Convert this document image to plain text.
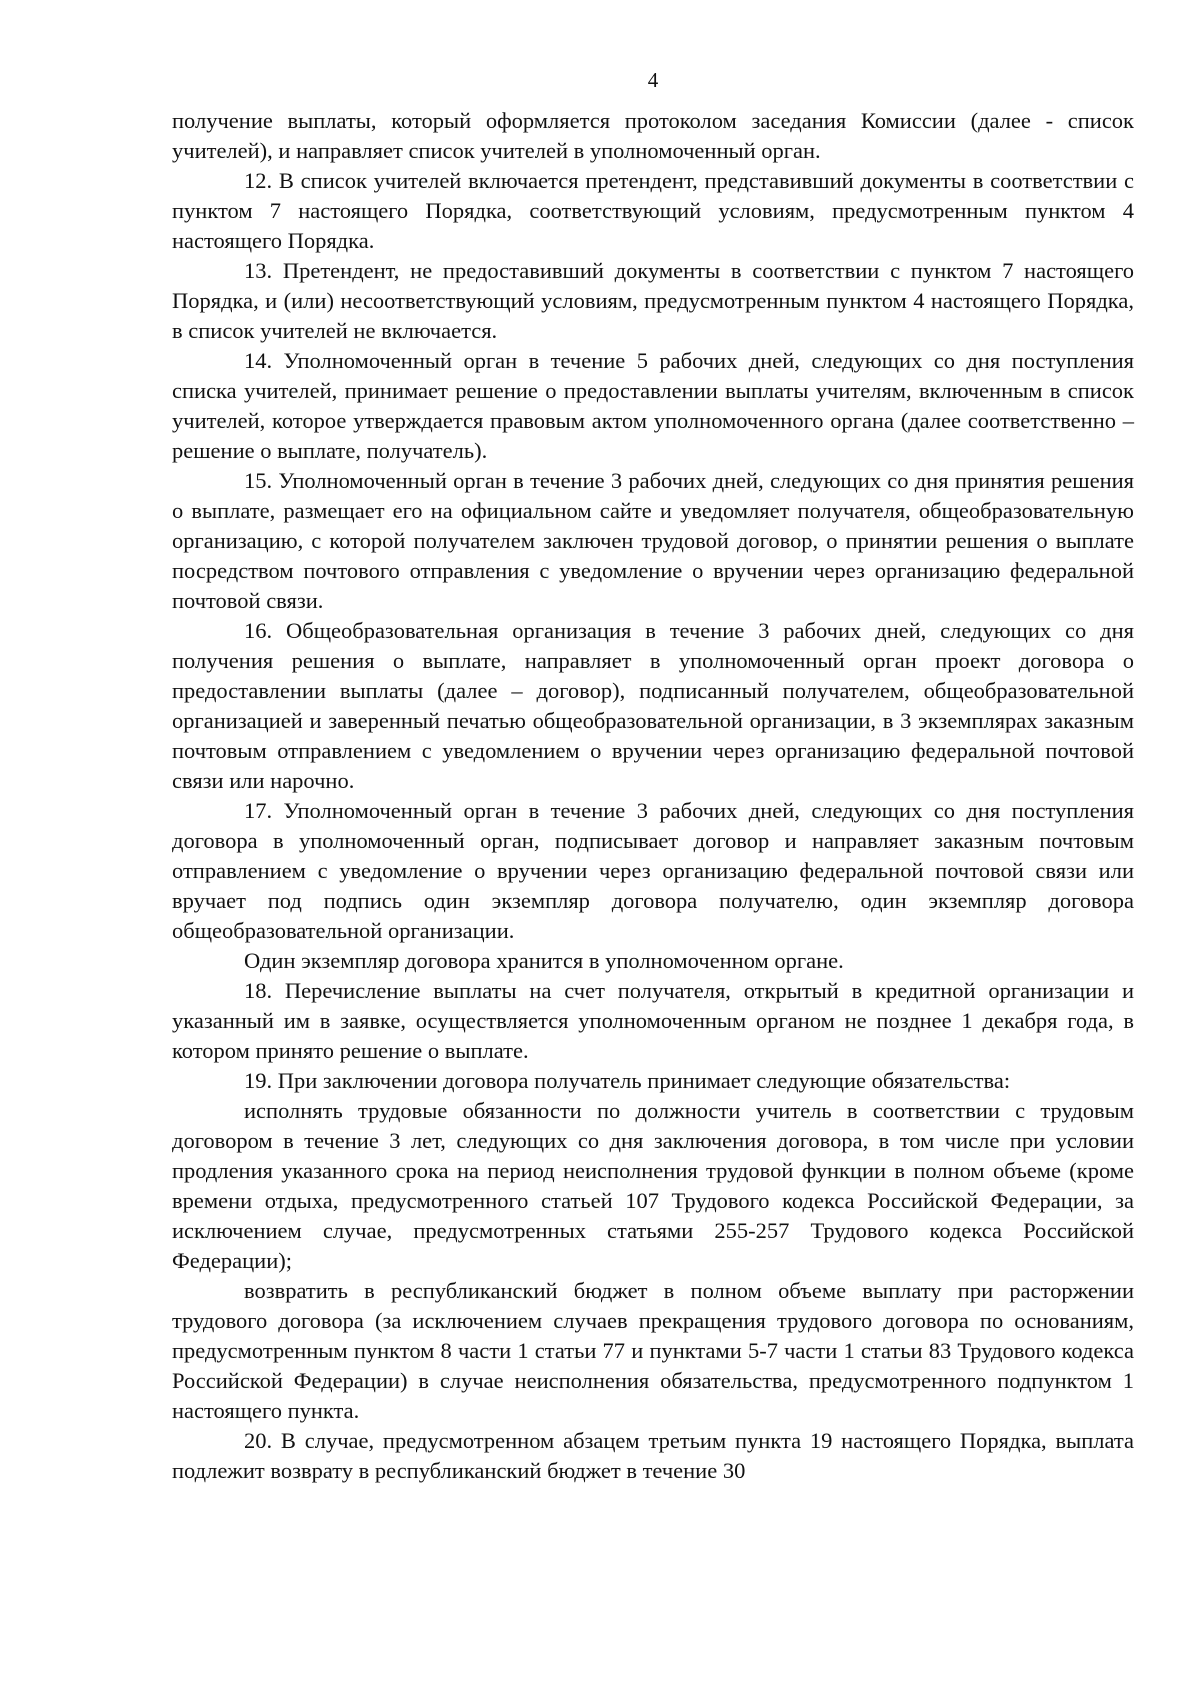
4

получение выплаты, который оформляется протоколом заседания Комиссии (далее - список учителей), и направляет список учителей в уполномоченный орган.

12. В список учителей включается претендент, представивший документы в соответствии с пунктом 7 настоящего Порядка, соответствующий условиям, предусмотренным пунктом 4 настоящего Порядка.

13. Претендент, не предоставивший документы в соответствии с пунктом 7 настоящего Порядка, и (или) несоответствующий условиям, предусмотренным пунктом 4 настоящего Порядка, в список учителей не включается.

14. Уполномоченный орган в течение 5 рабочих дней, следующих со дня поступления списка учителей, принимает решение о предоставлении выплаты учителям, включенным в список учителей, которое утверждается правовым актом уполномоченного органа (далее соответственно – решение о выплате, получатель).

15. Уполномоченный орган в течение 3 рабочих дней, следующих со дня принятия решения о выплате, размещает его на официальном сайте и уведомляет получателя, общеобразовательную организацию, с которой получателем заключен трудовой договор, о принятии решения о выплате посредством почтового отправления с уведомление о вручении через организацию федеральной почтовой связи.

16. Общеобразовательная организация в течение 3 рабочих дней, следующих со дня получения решения о выплате, направляет в уполномоченный орган проект договора о предоставлении выплаты (далее – договор), подписанный получателем, общеобразовательной организацией и заверенный печатью общеобразовательной организации, в 3 экземплярах заказным почтовым отправлением с уведомлением о вручении через организацию федеральной почтовой связи или нарочно.

17. Уполномоченный орган в течение 3 рабочих дней, следующих со дня поступления договора в уполномоченный орган, подписывает договор и направляет заказным почтовым отправлением с уведомление о вручении через организацию федеральной почтовой связи или вручает под подпись один экземпляр договора получателю, один экземпляр договора общеобразовательной организации.

Один экземпляр договора хранится в уполномоченном органе.

18. Перечисление выплаты на счет получателя, открытый в кредитной организации и указанный им в заявке, осуществляется уполномоченным органом не позднее 1 декабря года, в котором принято решение о выплате.

19. При заключении договора получатель принимает следующие обязательства:

исполнять трудовые обязанности по должности учитель в соответствии с трудовым договором в течение 3 лет, следующих со дня заключения договора, в том числе при условии продления указанного срока на период неисполнения трудовой функции в полном объеме (кроме времени отдыха, предусмотренного статьей 107 Трудового кодекса Российской Федерации, за исключением случае, предусмотренных статьями 255-257 Трудового кодекса Российской Федерации);

возвратить в республиканский бюджет в полном объеме выплату при расторжении трудового договора (за исключением случаев прекращения трудового договора по основаниям, предусмотренным пунктом 8 части 1 статьи 77 и пунктами 5-7 части 1 статьи 83 Трудового кодекса Российской Федерации) в случае неисполнения обязательства, предусмотренного подпунктом 1 настоящего пункта.

20. В случае, предусмотренном абзацем третьим пункта 19 настоящего Порядка, выплата подлежит возврату в республиканский бюджет в течение 30
